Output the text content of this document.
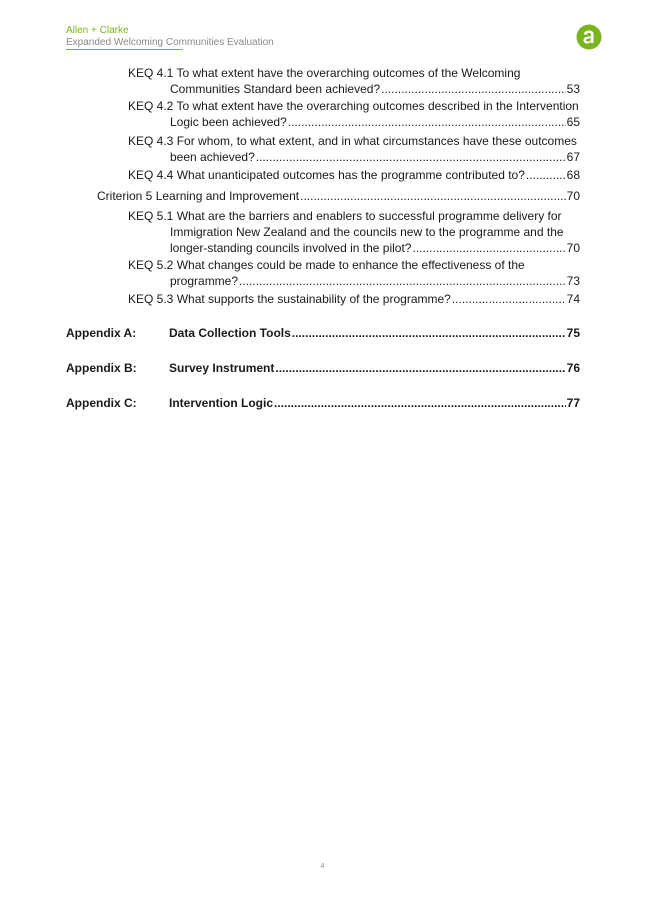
Allen + Clarke
Expanded Welcoming Communities Evaluation
KEQ 4.1 To what extent have the overarching outcomes of the Welcoming
Communities Standard been achieved? .....	53
KEQ 4.2 To what extent have the overarching outcomes described in the Intervention
Logic been achieved? .....	65
KEQ 4.3 For whom, to what extent, and in what circumstances have these outcomes
been achieved? .....	67
KEQ 4.4 What unanticipated outcomes has the programme contributed to? .....	68
Criterion 5 Learning and Improvement .....	70
KEQ 5.1 What are the barriers and enablers to successful programme delivery for
Immigration New Zealand and the councils new to the programme and the
longer-standing councils involved in the pilot? .....	70
KEQ 5.2 What changes could be made to enhance the effectiveness of the
programme? .....	73
KEQ 5.3 What supports the sustainability of the programme? .....	74
Appendix A:	Data Collection Tools .....	75
Appendix B:	Survey Instrument .....	76
Appendix C:	Intervention Logic .....	77
4
